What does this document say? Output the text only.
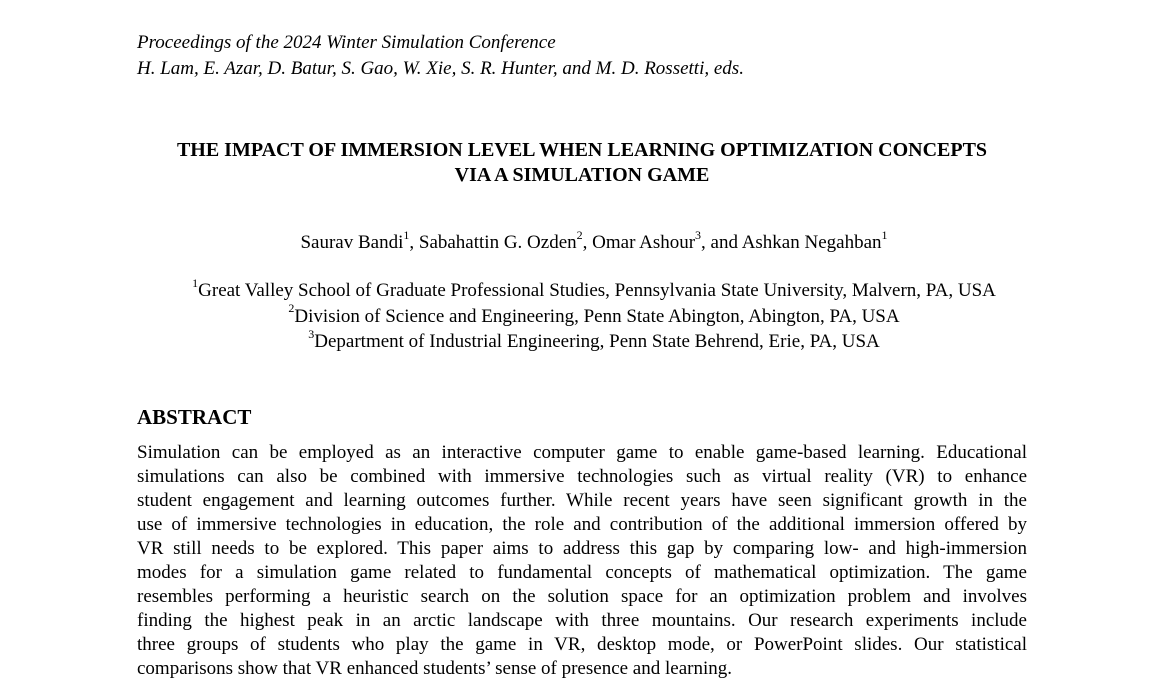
Proceedings of the 2024 Winter Simulation Conference
H. Lam, E. Azar, D. Batur, S. Gao, W. Xie, S. R. Hunter, and M. D. Rossetti, eds.
THE IMPACT OF IMMERSION LEVEL WHEN LEARNING OPTIMIZATION CONCEPTS
VIA A SIMULATION GAME
Saurav Bandi$^1$, Sabahattin G. Ozden$^2$, Omar Ashour$^3$, and Ashkan Negahban$^1$
$^1$Great Valley School of Graduate Professional Studies, Pennsylvania State University, Malvern, PA, USA
$^2$Division of Science and Engineering, Penn State Abington, Abington, PA, USA
$^3$Department of Industrial Engineering, Penn State Behrend, Erie, PA, USA
ABSTRACT
Simulation can be employed as an interactive computer game to enable game-based learning. Educational
simulations can also be combined with immersive technologies such as virtual reality (VR) to enhance
student engagement and learning outcomes further. While recent years have seen significant growth in the
use of immersive technologies in education, the role and contribution of the additional immersion offered by
VR still needs to be explored. This paper aims to address this gap by comparing low- and high-immersion
modes for a simulation game related to fundamental concepts of mathematical optimization. The game
resembles performing a heuristic search on the solution space for an optimization problem and involves
finding the highest peak in an arctic landscape with three mountains. Our research experiments include
three groups of students who play the game in VR, desktop mode, or PowerPoint slides. Our statistical
comparisons show that VR enhanced students’ sense of presence and learning.
